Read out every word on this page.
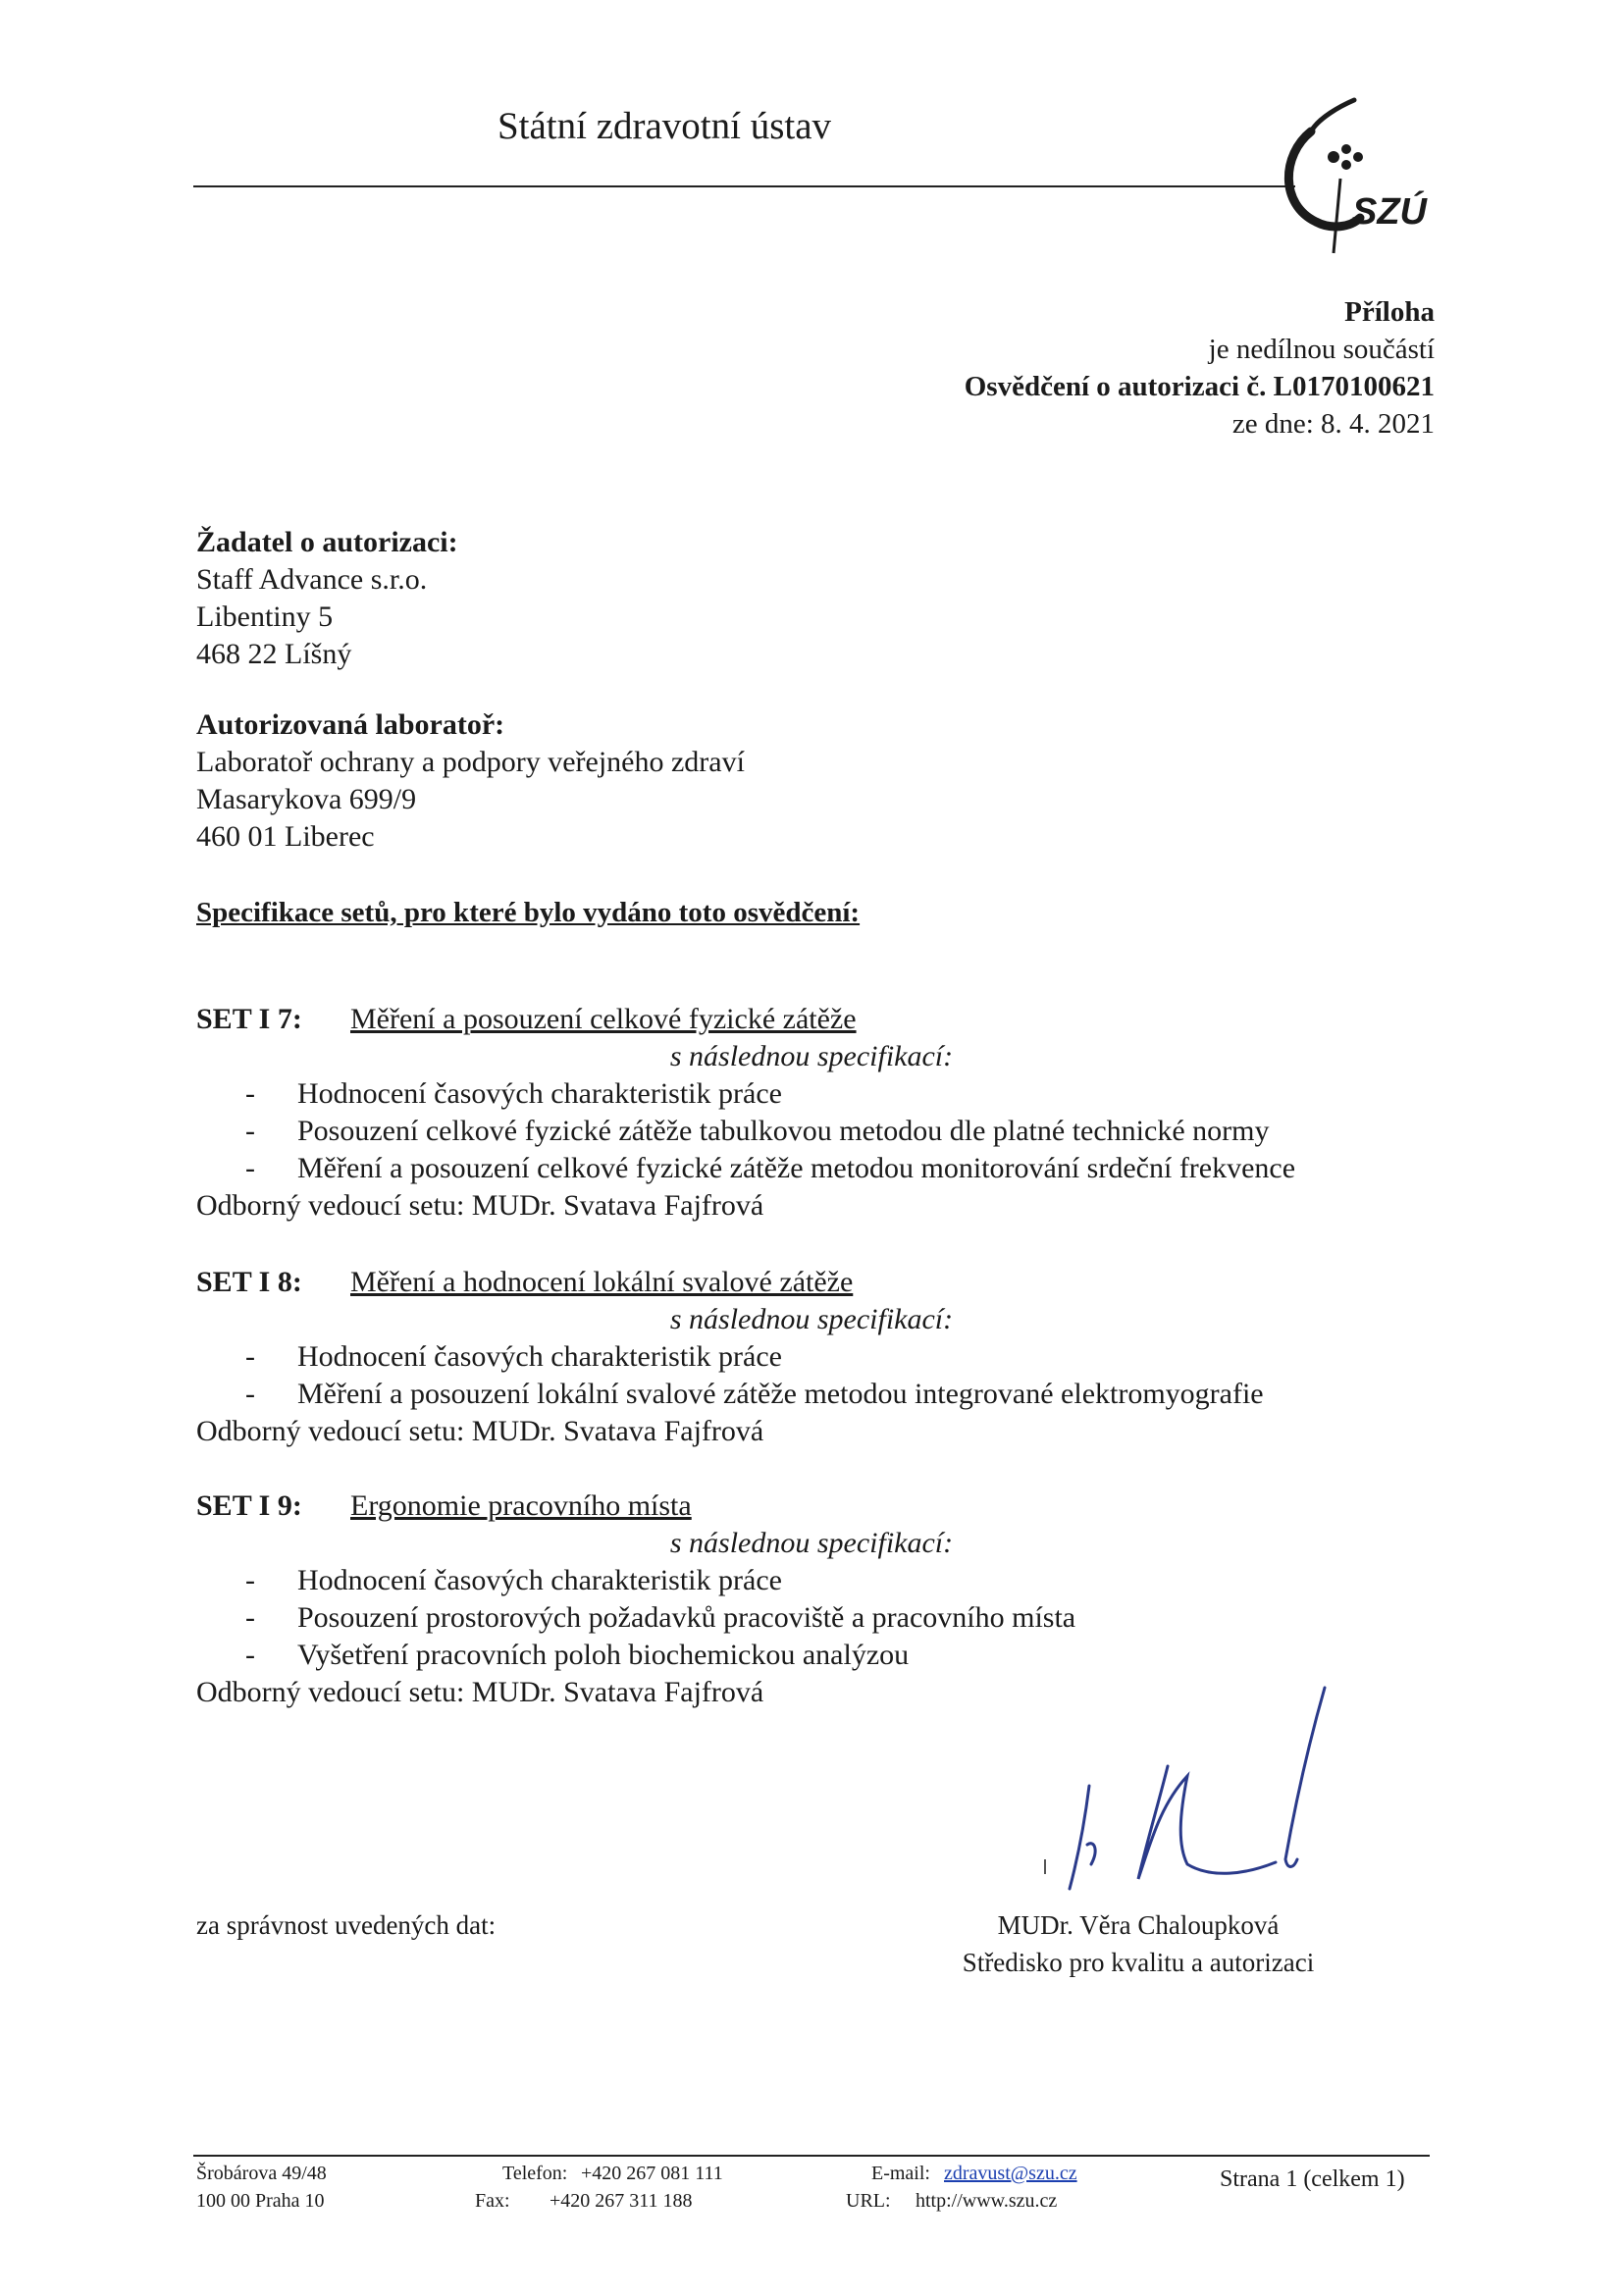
Státní zdravotní ústav
SZÚ
Příloha
je nedílnou součástí
Osvědčení o autorizaci č. L0170100621
ze dne: 8. 4. 2021
Žadatel o autorizaci:
Staff Advance s.r.o.
Libentiny 5
468 22 Líšný
Autorizovaná laboratoř:
Laboratoř ochrany a podpory veřejného zdraví
Masarykova 699/9
460 01 Liberec
Specifikace setů, pro které bylo vydáno toto osvědčení:
SET I 7: Měření a posouzení celkové fyzické zátěže
s následnou specifikací:
- Hodnocení časových charakteristik práce
- Posouzení celkové fyzické zátěže tabulkovou metodou dle platné technické normy
- Měření a posouzení celkové fyzické zátěže metodou monitorování srdeční frekvence
Odborný vedoucí setu: MUDr. Svatava Fajfrová
SET I 8: Měření a hodnocení lokální svalové zátěže
s následnou specifikací:
- Hodnocení časových charakteristik práce
- Měření a posouzení lokální svalové zátěže metodou integrované elektromyografie
Odborný vedoucí setu: MUDr. Svatava Fajfrová
SET I 9: Ergonomie pracovního místa
s následnou specifikací:
- Hodnocení časových charakteristik práce
- Posouzení prostorových požadavků pracoviště a pracovního místa
- Vyšetření pracovních poloh biochemickou analýzou
Odborný vedoucí setu: MUDr. Svatava Fajfrová
za správnost uvedených dat:	MUDr. Věra Chaloupková
Středisko pro kvalitu a autorizaci
Šrobárova 49/48
100 00 Praha 10
Telefon: +420 267 081 111
Fax: +420 267 311 188
E-mail: zdravust@szu.cz
URL: http://www.szu.cz
Strana 1 (celkem 1)
